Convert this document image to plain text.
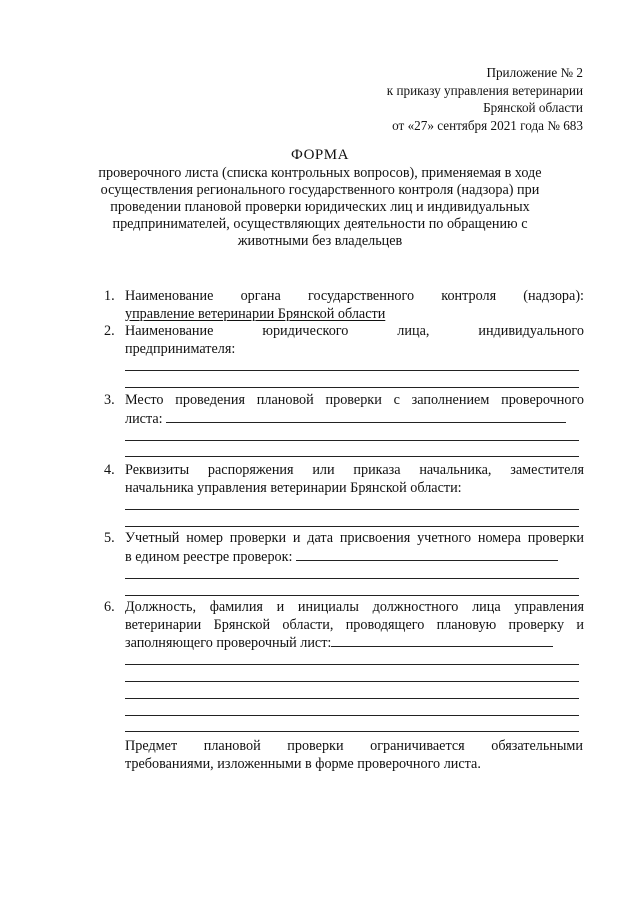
Приложение № 2
к приказу управления ветеринарии
Брянской области
от «27» сентября 2021 года № 683
ФОРМА
проверочного листа (списка контрольных вопросов), применяемая в ходе
осуществления регионального государственного контроля (надзора) при
проведении плановой проверки юридических лиц и индивидуальных
предпринимателей, осуществляющих деятельности по обращению с
животными без владельцев
1. Наименование органа государственного контроля (надзора):
управление ветеринарии Брянской области
2. Наименование юридического лица, индивидуального
предпринимателя:
3. Место проведения плановой проверки с заполнением проверочного
листа:
4. Реквизиты распоряжения или приказа начальника, заместителя
начальника управления ветеринарии Брянской области:
5. Учетный номер проверки и дата присвоения учетного номера проверки
в едином реестре проверок:
6. Должность, фамилия и инициалы должностного лица управления
ветеринарии Брянской области, проводящего плановую проверку и
заполняющего проверочный лист:
Предмет плановой проверки ограничивается обязательными
требованиями, изложенными в форме проверочного листа.
